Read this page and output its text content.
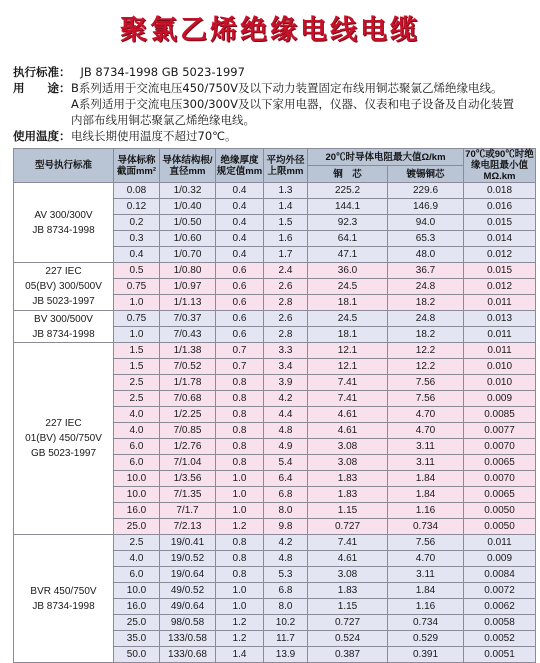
聚氯乙烯绝缘电线电缆
执行标准： JB 8734-1998 GB 5023-1997
用　　途： B系列适用于交流电压450/750V及以下动力装置固定布线用铜芯聚氯乙烯绝缘电线。
A系列适用于交流电压300/300V及以下家用电器，仪器、仪表和电子设备及自动化装置
内部布线用铜芯聚氯乙烯绝缘电线。
使用温度： 电线长期使用温度不超过70℃。
型号执行标准	导体标称截面mm²	导体结构根/直径mm	绝缘厚度规定值mm	平均外径上限mm	20℃时导体电阻最大值Ω/km		70℃或90℃时绝缘电阻最小值MΩ.km
					铜　芯	镀锡铜芯	

AV 300/300V
JB 8734-1998	0.08	1/0.32	0.4	1.3	225.2	229.6	0.018
	0.12	1/0.40	0.4	1.4	144.1	146.9	0.016
	0.2	1/0.50	0.4	1.5	92.3	94.0	0.015
	0.3	1/0.60	0.4	1.6	64.1	65.3	0.014
	0.4	1/0.70	0.4	1.7	47.1	48.0	0.012

227 IEC
05(BV) 300/500V
JB 5023-1997	0.5	1/0.80	0.6	2.4	36.0	36.7	0.015
	0.75	1/0.97	0.6	2.6	24.5	24.8	0.012
	1.0	1/1.13	0.6	2.8	18.1	18.2	0.011

BV 300/500V
JB 8734-1998	0.75	7/0.37	0.6	2.6	24.5	24.8	0.013
	1.0	7/0.43	0.6	2.8	18.1	18.2	0.011

227 IEC
01(BV) 450/750V
GB 5023-1997	1.5	1/1.38	0.7	3.3	12.1	12.2	0.011
	1.5	7/0.52	0.7	3.4	12.1	12.2	0.010
	2.5	1/1.78	0.8	3.9	7.41	7.56	0.010
	2.5	7/0.68	0.8	4.2	7.41	7.56	0.009
	4.0	1/2.25	0.8	4.4	4.61	4.70	0.0085
	4.0	7/0.85	0.8	4.8	4.61	4.70	0.0077
	6.0	1/2.76	0.8	4.9	3.08	3.11	0.0070
	6.0	7/1.04	0.8	5.4	3.08	3.11	0.0065
	10.0	1/3.56	1.0	6.4	1.83	1.84	0.0070
	10.0	7/1.35	1.0	6.8	1.83	1.84	0.0065
	16.0	7/1.7	1.0	8.0	1.15	1.16	0.0050
	25.0	7/2.13	1.2	9.8	0.727	0.734	0.0050

BVR 450/750V
JB 8734-1998	2.5	19/0.41	0.8	4.2	7.41	7.56	0.011
	4.0	19/0.52	0.8	4.8	4.61	4.70	0.009
	6.0	19/0.64	0.8	5.3	3.08	3.11	0.0084
	10.0	49/0.52	1.0	6.8	1.83	1.84	0.0072
	16.0	49/0.64	1.0	8.0	1.15	1.16	0.0062
	25.0	98/0.58	1.2	10.2	0.727	0.734	0.0058
	35.0	133/0.58	1.2	11.7	0.524	0.529	0.0052
	50.0	133/0.68	1.4	13.9	0.387	0.391	0.0051
